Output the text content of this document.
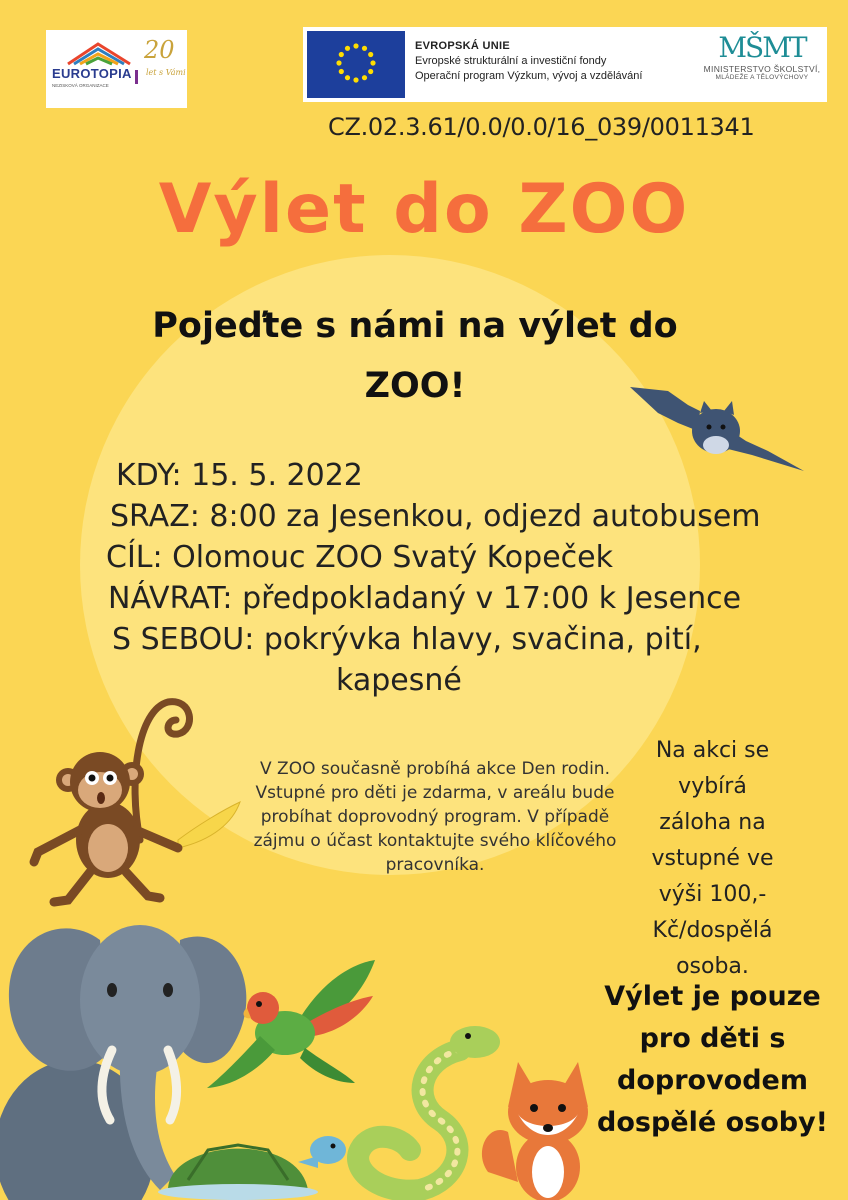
EUROTOPIA
NEZISKOVÁ ORGANIZACE
20
let s Vámi
EVROPSKÁ UNIE
Evropské strukturální a investiční fondy
Operační program Výzkum, vývoj a vzdělávání
MŠMT
MINISTERSTVO ŠKOLSTVÍ,
MLÁDEŽE A TĚLOVÝCHOVY
CZ.02.3.61/0.0/0.0/16_039/0011341
Výlet do ZOO
Pojeďte s námi na výlet do
ZOO!
KDY: 15. 5. 2022
SRAZ: 8:00 za Jesenkou, odjezd autobusem
CÍL: Olomouc ZOO Svatý Kopeček
NÁVRAT: předpokladaný v 17:00 k Jesence
S SEBOU: pokrývka hlavy, svačina, pití,
kapesné
V ZOO současně probíhá akce Den rodin.
Vstupné pro děti je zdarma, v areálu bude
probíhat doprovodný program. V případě
zájmu o účast kontaktujte svého klíčového
pracovníka.
Na akci se
vybírá
záloha na
vstupné ve
výši 100,-
Kč/dospělá
osoba.
Výlet je pouze
pro děti s
doprovodem
dospělé osoby!
